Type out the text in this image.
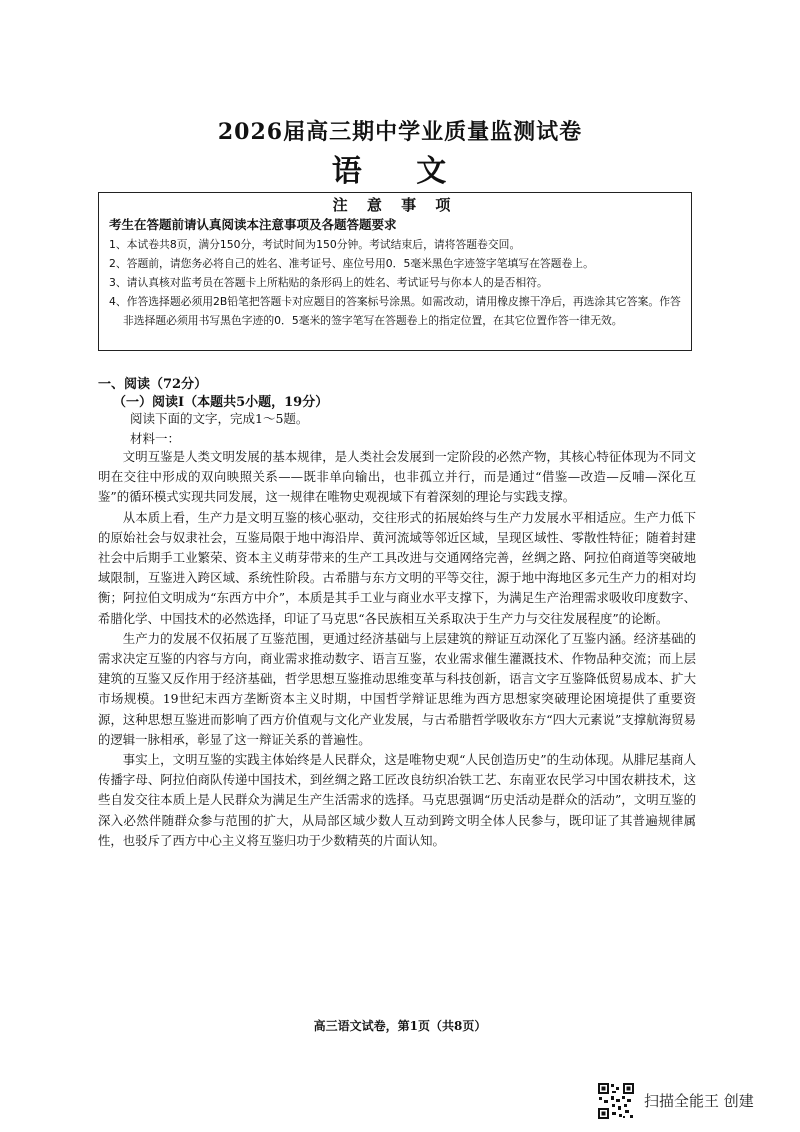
2026届高三期中学业质量监测试卷
语 文
注 意 事 项
考生在答题前请认真阅读本注意事项及各题答题要求
1、本试卷共8页，满分150分，考试时间为150分钟。考试结束后，请将答题卷交回。
2、答题前，请您务必将自己的姓名、准考证号、座位号用0．5毫米黑色字迹签字笔填写在答题卷上。
3、请认真核对监考员在答题卡上所粘贴的条形码上的姓名、考试证号与你本人的是否相符。
4、作答选择题必须用2B铅笔把答题卡对应题目的答案标号涂黑。如需改动，请用橡皮擦干净后，再选涂其它答案。作答非选择题必须用书写黑色字迹的0．5毫米的签字笔写在答题卷上的指定位置，在其它位置作答一律无效。
一、阅读（72分）
（一）阅读Ⅰ（本题共5小题，19分）
阅读下面的文字，完成1～5题。
材料一：

文明互鉴是人类文明发展的基本规律，是人类社会发展到一定阶段的必然产物，其核心特征体现为不同文明在交往中形成的双向映照关系——既非单向输出，也非孤立并行，而是通过“借鉴—改造—反哺—深化互鉴”的循环模式实现共同发展，这一规律在唯物史观视域下有着深刻的理论与实践支撑。

从本质上看，生产力是文明互鉴的核心驱动，交往形式的拓展始终与生产力发展水平相适应。生产力低下的原始社会与奴隶社会，互鉴局限于地中海沿岸、黄河流域等邻近区域，呈现区域性、零散性特征；随着封建社会中后期手工业繁荣、资本主义萌芽带来的生产工具改进与交通网络完善，丝绸之路、阿拉伯商道等突破地域限制，互鉴进入跨区域、系统性阶段。古希腊与东方文明的平等交往，源于地中海地区多元生产力的相对均衡；阿拉伯文明成为“东西方中介”，本质是其手工业与商业水平支撑下，为满足生产治理需求吸收印度数字、希腊化学、中国技术的必然选择，印证了马克思“各民族相互关系取决于生产力与交往发展程度”的论断。

生产力的发展不仅拓展了互鉴范围，更通过经济基础与上层建筑的辩证互动深化了互鉴内涵。经济基础的需求决定互鉴的内容与方向，商业需求推动数字、语言互鉴，农业需求催生灌溉技术、作物品种交流；而上层建筑的互鉴又反作用于经济基础，哲学思想互鉴推动思维变革与科技创新，语言文字互鉴降低贸易成本、扩大市场规模。19世纪末西方垄断资本主义时期，中国哲学辩证思维为西方思想家突破理论困境提供了重要资源，这种思想互鉴进而影响了西方价值观与文化产业发展，与古希腊哲学吸收东方“四大元素说”支撑航海贸易的逻辑一脉相承，彰显了这一辩证关系的普遍性。

事实上，文明互鉴的实践主体始终是人民群众，这是唯物史观“人民创造历史”的生动体现。从腓尼基商人传播字母、阿拉伯商队传递中国技术，到丝绸之路工匠改良纺织冶铁工艺、东南亚农民学习中国农耕技术，这些自发交往本质上是人民群众为满足生产生活需求的选择。马克思强调“历史活动是群众的活动”，文明互鉴的深入必然伴随群众参与范围的扩大，从局部区域少数人互动到跨文明全体人民参与，既印证了其普遍规律属性，也驳斥了西方中心主义将互鉴归功于少数精英的片面认知。

高三语文试卷，第1页（共8页）
扫描全能王 创建
